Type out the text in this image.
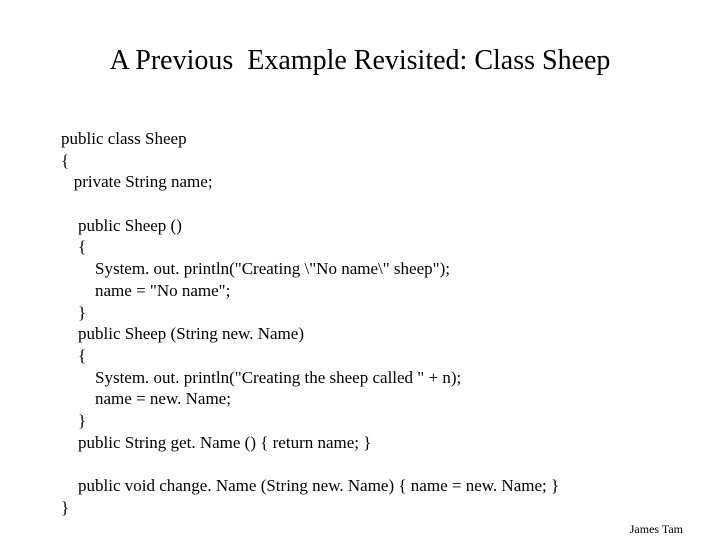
A Previous  Example Revisited: Class Sheep
public class Sheep
{
private String name;
public Sheep ()
{
System. out. println("Creating \"No name\" sheep");
name = "No name";
}
public Sheep (String new. Name)
{
System. out. println("Creating the sheep called " + n);
name = new. Name;
}
public String get. Name () { return name; }
public void change. Name (String new. Name) { name = new. Name; }
}
James Tam
